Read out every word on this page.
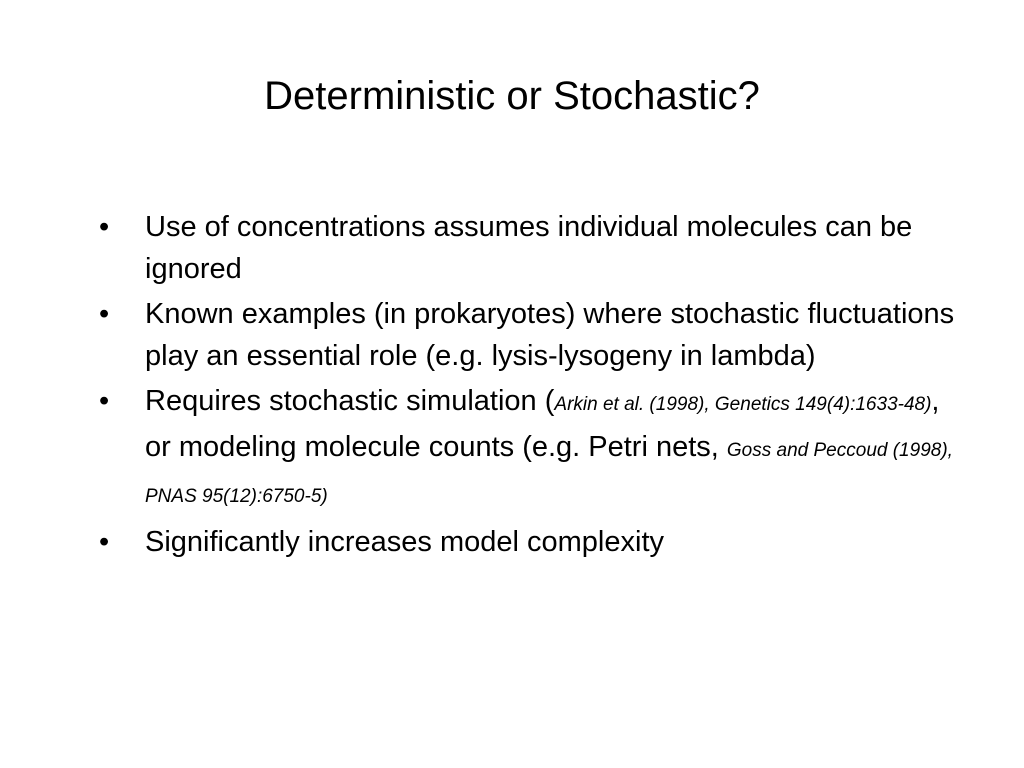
Deterministic or Stochastic?
•	Use of concentrations assumes individual molecules can be ignored
•	Known examples (in prokaryotes) where stochastic fluctuations play an essential role (e.g. lysis-lysogeny in lambda)
•	Requires stochastic simulation (Arkin et al. (1998), Genetics 149(4):1633-48), or modeling molecule counts (e.g. Petri nets, Goss and Peccoud (1998), PNAS 95(12):6750-5)
•	Significantly increases model complexity
